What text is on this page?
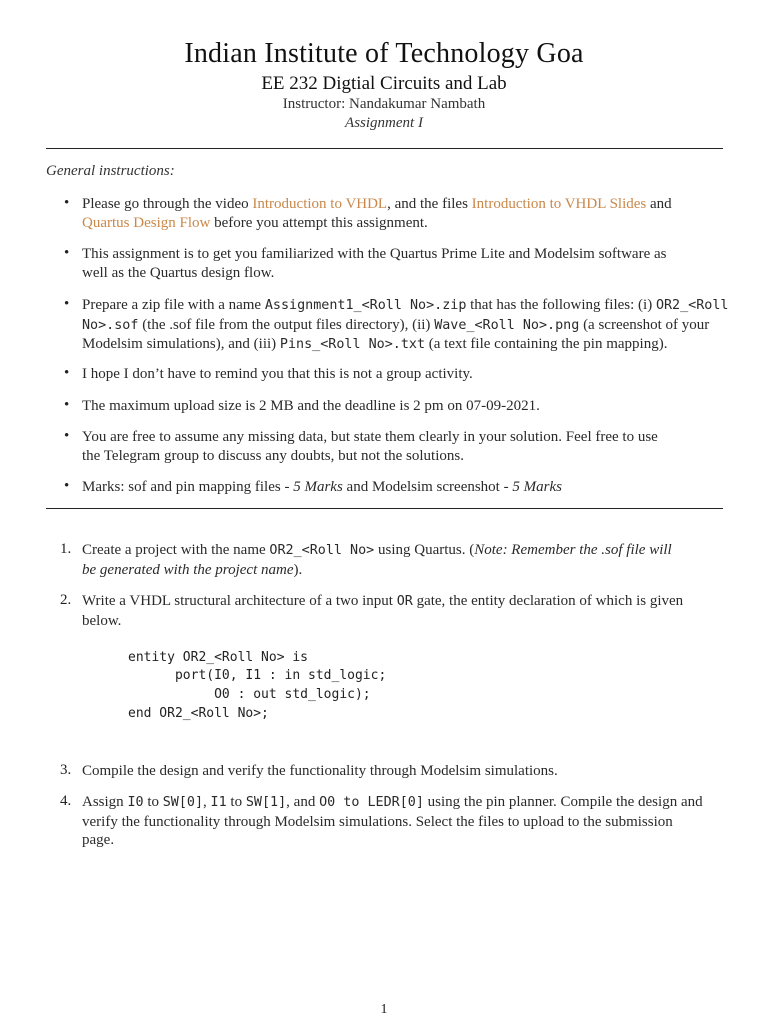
Indian Institute of Technology Goa
EE 232 Digtial Circuits and Lab
Instructor: Nandakumar Nambath
Assignment I
General instructions:
• Please go through the video Introduction to VHDL, and the files Introduction to VHDL Slides and
Quartus Design Flow before you attempt this assignment.
• This assignment is to get you familiarized with the Quartus Prime Lite and Modelsim software as
well as the Quartus design flow.
• Prepare a zip file with a name Assignment1_<Roll No>.zip that has the following files: (i) OR2_<Roll
No>.sof (the .sof file from the output files directory), (ii) Wave_<Roll No>.png (a screenshot of your
Modelsim simulations), and (iii) Pins_<Roll No>.txt (a text file containing the pin mapping).
• I hope I don’t have to remind you that this is not a group activity.
• The maximum upload size is 2 MB and the deadline is 2 pm on 07-09-2021.
• You are free to assume any missing data, but state them clearly in your solution. Feel free to use
the Telegram group to discuss any doubts, but not the solutions.
• Marks: sof and pin mapping files - 5 Marks and Modelsim screenshot - 5 Marks
1. Create a project with the name OR2_<Roll No> using Quartus. (Note: Remember the .sof file will
be generated with the project name).
2. Write a VHDL structural architecture of a two input OR gate, the entity declaration of which is given
below.
entity OR2_<Roll No> is
port(I0, I1 : in std_logic;
O0 : out std_logic);
end OR2_<Roll No>;
3. Compile the design and verify the functionality through Modelsim simulations.
4. Assign I0 to SW[0], I1 to SW[1], and O0 to LEDR[0] using the pin planner. Compile the design and
verify the functionality through Modelsim simulations. Select the files to upload to the submission
page.
1
